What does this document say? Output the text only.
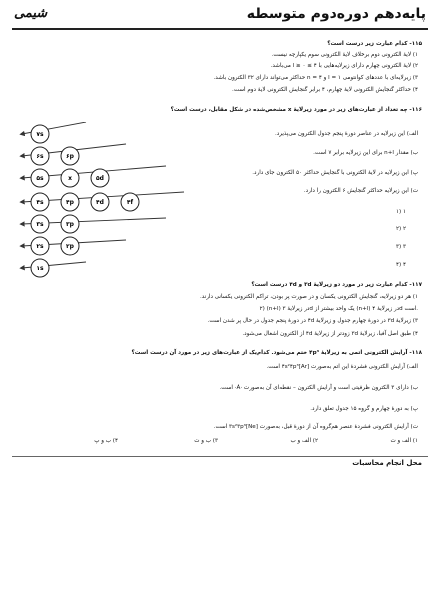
پایه‌دهم دوره‌دوم متوسطه
شیمی
۱۱۵- کدام عبارت زیر درست است؟
۱) لایهٔ الکترونی دوم برخلاف لایهٔ الکترونی سوم یکپارچه نیست.
۲) لایهٔ الکترونی چهارم دارای زیرلایه‌هایی با ۴ ≥ l ≥ ۰ می‌باشد.
۳) زیرلایه‌ای با عددهای کوانتومی l = ۱ و n = ۴ حداکثر می‌تواند دارای ۳۲ الکترون باشد.
۴) حداکثر گنجایش الکترونی لایهٔ چهارم، ۴ برابر گنجایش الکترونی لایهٔ دوم است.
۱۱۶- چه تعداد از عبارت‌های زیر در مورد زیرلایهٔ x مشخص‌شده در شکل مقابل، درست است؟
الف) این زیرلایه در عناصر دورهٔ پنجم جدول الکترون می‌پذیرد.
ب) مقدار n+l برای این زیرلایه برابر ۷ است.
پ) این زیرلایه در لایهٔ الکترونی با گنجایش حداکثر ۵۰ الکترون جای دارد.
ت) این زیرلایه حداکثر گنجایش ۶ الکترون را دارد.
۱) ۱
۲) ۲
۳) ۳
۴) ۴
۷s
۶s	۶p
۵s	x	۵d
۴s	۴p	۴d	۴f
۳s	۳p
۲s	۲p
۱s
۱۱۷- کدام عبارت زیر در مورد دو زیرلایهٔ ۳d و ۴d درست است؟
۱) هر دو زیرلایه، گنجایش الکترونی یکسان و در صورت پر بودن، تراکم الکترونی یکسانی دارند.
۲) (n+l) در زیرلایهٔ ۳d یک واحد بیشتر از (n+l) در زیرلایهٔ ۴d است.
۳) زیرلایهٔ ۳d در دورهٔ چهارم جدول و زیرلایهٔ ۴d در دورهٔ پنجم جدول در حال پر شدن است.
۴) طبق اصل آفبا، زیرلایهٔ ۳d زودتر از زیرلایهٔ ۴d از الکترون اشغال می‌شود.
۱۱۸- آرایش الکترونی اتمی به زیرلایهٔ ۴p³ ختم می‌شود. کدام‌یک از عبارت‌های زیر در مورد آن درست است؟
الف) آرایش الکترونی فشردهٔ این اتم به‌صورت [Ar]۴s²۴p³ است.
ب) دارای ۳ الکترون ظرفیتی است و آرایش الکترون – نقطه‌ای آن به‌صورت ·Ȧ· است.
پ) به دورهٔ چهارم و گروه ۱۵ جدول تعلق دارد.
ت) آرایش الکترونی فشردهٔ عنصر هم‌گروه آن از دورهٔ قبل، به‌صورت [Ne]۳s²۳p³ است.
۱) الف و ت
۲) الف و ب
۳) ب و ت
۴) ب و پ
محل انجام محاسبات
